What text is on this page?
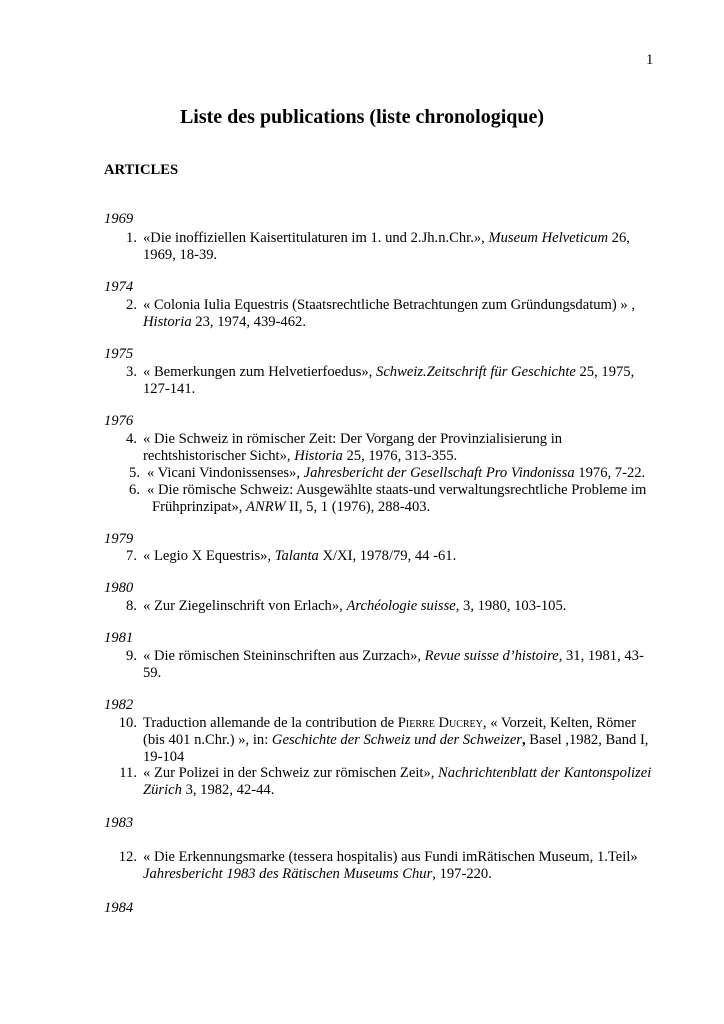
1
Liste des publications (liste chronologique)
ARTICLES
1969
1. «Die inoffiziellen Kaisertitulaturen im 1. und 2.Jh.n.Chr.», Museum Helveticum 26,
1969, 18-39.
1974
2. « Colonia Iulia Equestris (Staatsrechtliche Betrachtungen zum Gründungsdatum) » ,
Historia 23, 1974, 439-462.
1975
3. « Bemerkungen zum Helvetierfoedus», Schweiz.Zeitschrift für Geschichte 25, 1975,
127-141.
1976
4. « Die Schweiz in römischer Zeit: Der Vorgang der Provinzialisierung in
rechtshistorischer Sicht», Historia 25, 1976, 313-355.
5. « Vicani Vindonissenses», Jahresbericht der Gesellschaft Pro Vindonissa 1976, 7-22.
6. « Die römische Schweiz: Ausgewählte staats-und verwaltungsrechtliche Probleme im
Frühprinzipat», ANRW II, 5, 1 (1976), 288-403.
1979
7. « Legio X Equestris», Talanta X/XI, 1978/79, 44 -61.
1980
8. « Zur Ziegelinschrift von Erlach», Archéologie suisse, 3, 1980, 103-105.
1981
9. « Die römischen Steininschriften aus Zurzach», Revue suisse d’histoire, 31, 1981, 43-
59.
1982
10. Traduction allemande de la contribution de Pierre Ducrey, « Vorzeit, Kelten, Römer
(bis 401 n.Chr.) », in: Geschichte der Schweiz und der Schweizer, Basel ,1982, Band I,
19-104
11. « Zur Polizei in der Schweiz zur römischen Zeit», Nachrichtenblatt der Kantonspolizei
Zürich 3, 1982, 42-44.
1983
12. « Die Erkennungsmarke (tessera hospitalis) aus Fundi imRätischen Museum, 1.Teil»
Jahresbericht 1983 des Rätischen Museums Chur, 197-220.
1984
